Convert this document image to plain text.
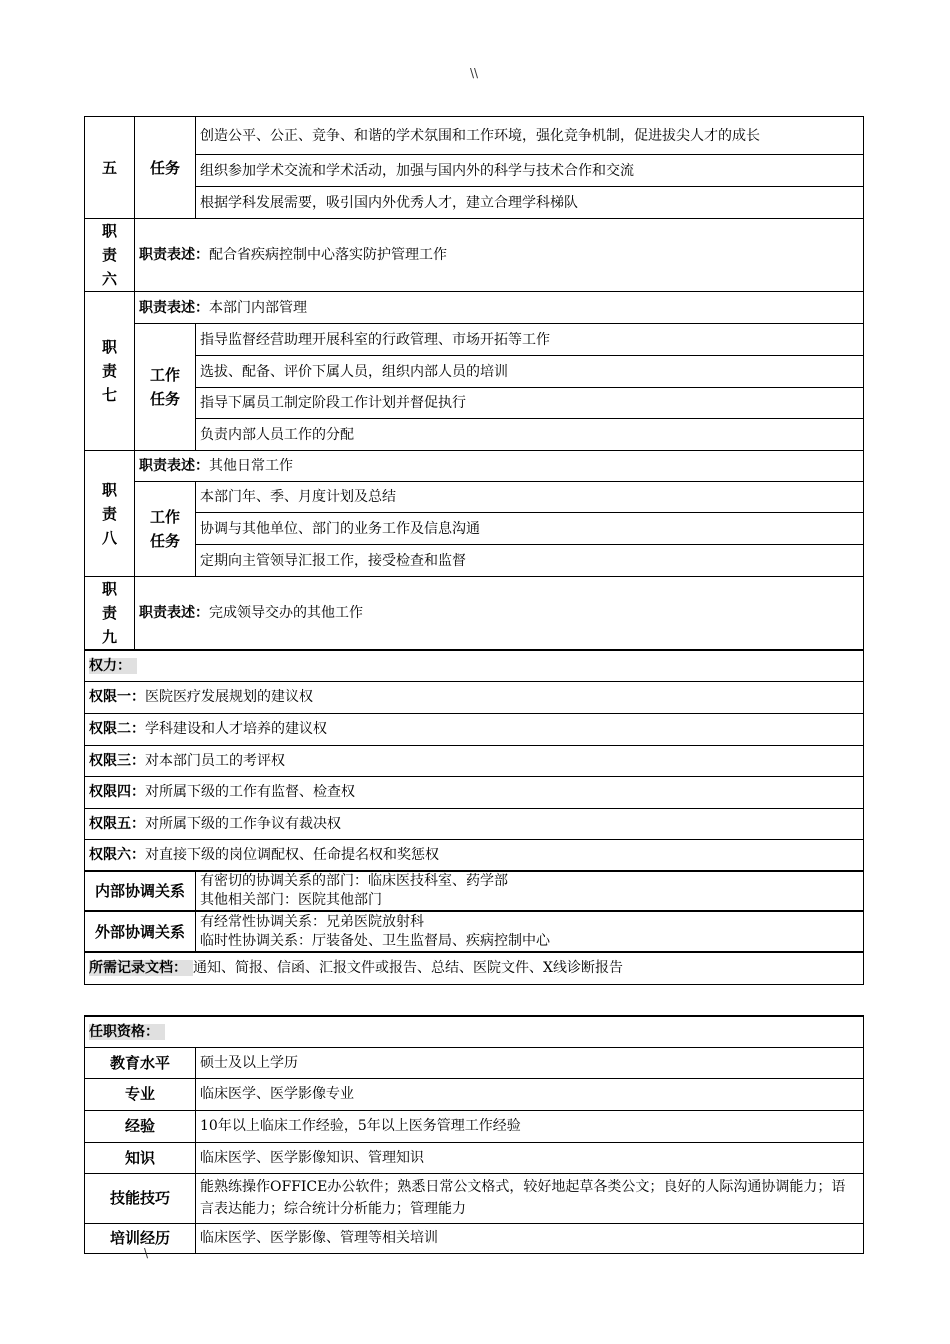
\\
五	任务	创造公平、公正、竞争、和谐的学术氛围和工作环境，强化竞争机制，促进拔尖人才的成长
		组织参加学术交流和学术活动，加强与国内外的科学与技术合作和交流
		根据学科发展需要，吸引国内外优秀人才，建立合理学科梯队
职
责
六	职责表述：配合省疾病控制中心落实防护管理工作	
职
责
七	职责表述：本部门内部管理	
	工作
任务	指导监督经营助理开展科室的行政管理、市场开拓等工作
		选拔、配备、评价下属人员，组织内部人员的培训
		指导下属员工制定阶段工作计划并督促执行
		负责内部人员工作的分配
职
责
八	职责表述：其他日常工作	
	工作
任务	本部门年、季、月度计划及总结
		协调与其他单位、部门的业务工作及信息沟通
		定期向主管领导汇报工作，接受检查和监督
职
责
九	职责表述：完成领导交办的其他工作	
权力：	
权限一：医院医疗发展规划的建议权	
权限二：学科建设和人才培养的建议权	
权限三：对本部门员工的考评权	
权限四：对所属下级的工作有监督、检查权	
权限五：对所属下级的工作争议有裁决权	
权限六：对直接下级的岗位调配权、任命提名权和奖惩权	
内部协调关系	有密切的协调关系的部门：临床医技科室、药学部
其他相关部门：医院其他部门
外部协调关系	有经常性协调关系：兄弟医院放射科
临时性协调关系：厅装备处、卫生监督局、疾病控制中心
所需记录文档： 通知、简报、信函、汇报文件或报告、总结、医院文件、X线诊断报告	
任职资格：	
教育水平	硕士及以上学历
专业	临床医学、医学影像专业
经验	10年以上临床工作经验，5年以上医务管理工作经验
知识	临床医学、医学影像知识、管理知识
技能技巧	能熟练操作OFFICE办公软件；熟悉日常公文格式，较好地起草各类公文；良好的人际沟通协调能力；语言表达能力；综合统计分析能力；管理能力
培训经历	临床医学、医学影像、管理等相关培训
\
